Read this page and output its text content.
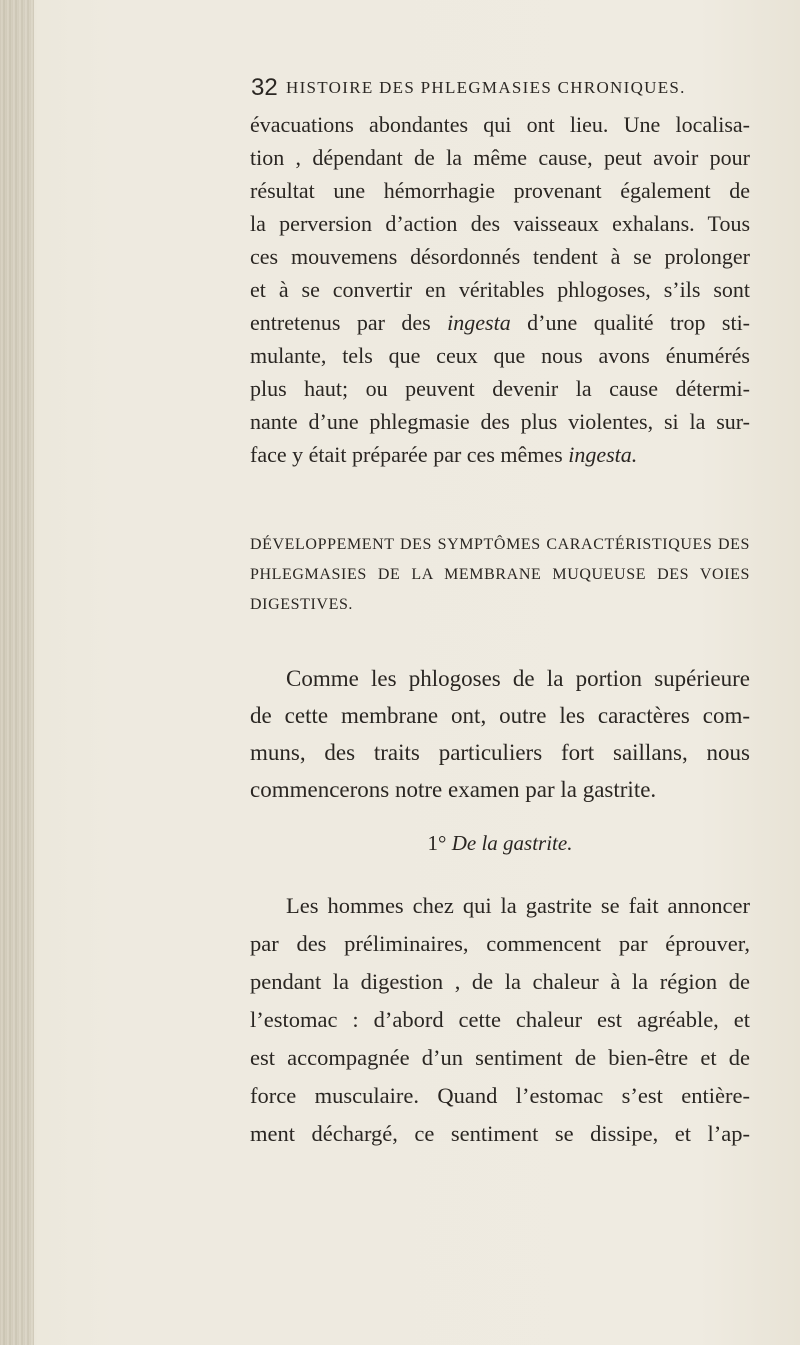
32 HISTOIRE DES PHLEGMASIES CHRONIQUES.
évacuations abondantes qui ont lieu. Une localisa-
tion , dépendant de la même cause, peut avoir pour
résultat une hémorrhagie provenant également de
la perversion d’action des vaisseaux exhalans. Tous
ces mouvemens désordonnés tendent à se prolonger
et à se convertir en véritables phlogoses, s’ils sont
entretenus par des ingesta d’une qualité trop sti-
mulante, tels que ceux que nous avons énumérés
plus haut; ou peuvent devenir la cause détermi-
nante d’une phlegmasie des plus violentes, si la sur-
face y était préparée par ces mêmes ingesta.
DÉVELOPPEMENT DES SYMPTÔMES CARACTÉRISTIQUES DES
PHLEGMASIES DE LA MEMBRANE MUQUEUSE DES VOIES
DIGESTIVES.
Comme les phlogoses de la portion supérieure
de cette membrane ont, outre les caractères com-
muns, des traits particuliers fort saillans, nous
commencerons notre examen par la gastrite.
1° De la gastrite.
Les hommes chez qui la gastrite se fait annoncer
par des préliminaires, commencent par éprouver,
pendant la digestion , de la chaleur à la région de
l’estomac : d’abord cette chaleur est agréable, et
est accompagnée d’un sentiment de bien-être et de
force musculaire. Quand l’estomac s’est entière-
ment déchargé, ce sentiment se dissipe, et l’ap-
